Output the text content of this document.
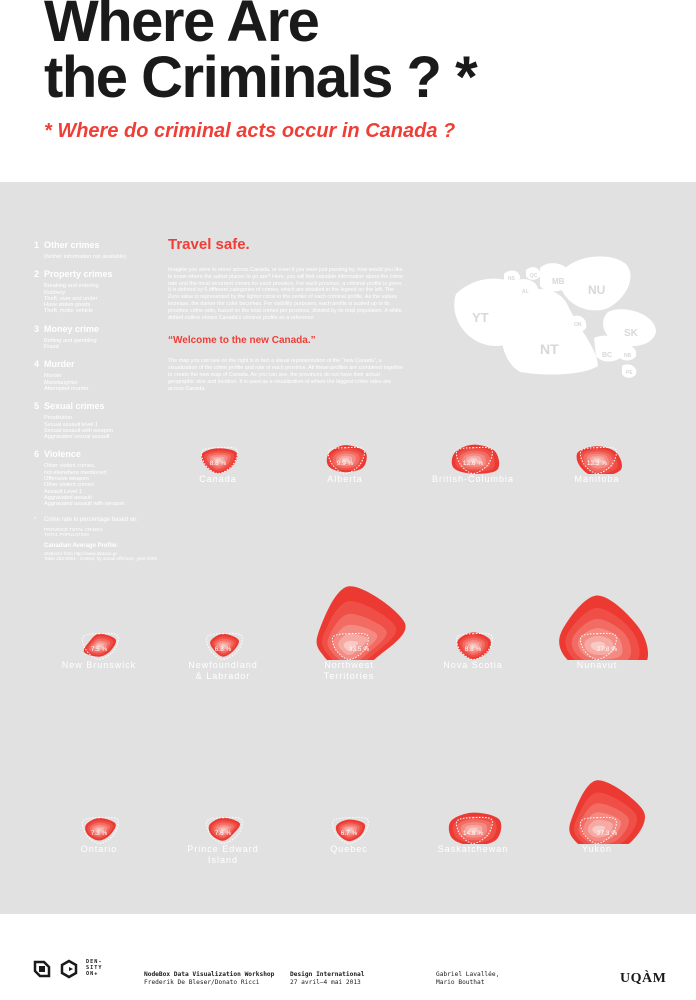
Where Are
the Criminals ? *
* Where do criminal acts occur in Canada ?
1 Other crimes
(further information not available)
2 Property crimes
Breaking and entering
Robbery
Theft, over and under
Have stolen goods
Theft, motor vehicle
3 Money crime
Betting and gambling
Fraud
4 Murder
Murder
Manslaughter
Attempted murder
5 Sexual crimes
Prostitution
Sexual assault level 1
Sexual assault with weapon
Aggravated sexual assault
6 Violence
Other violent crimes,
not elsewhere mentioned
Offensive weapon
Other violent crimes
Assault Level 1
Aggravated assault
Aggravated assault with weapon
*	Crime rate in percentage based on:
PROVINCE TOTAL CRIMES
TOTAL POPULATION
Canadian Average Profile:
Statistics from http://www.statcan.gc
Table 252-0051 - Crimes, by actual offences, year 2009
Travel safe.

Imagine you were to move across Canada, or even if you were just passing by, how would you like to know where the safest places to go are? Here, you will find valuable information about the crime rate and the most recurrent crimes for each province. For each province, a criminal profile is given. It is defined by 6 different categories of crimes, which are detailed in the legend on the left. The Zero value is represented by the lighter circle in the center of each criminal profile. As the values increase, the darker the color becomes. For visibility purposes, each profile is scaled up to its province crime ratio, based on the total crimes per province, divided by its total population. A white dotted outline shows Canada's criminal profile as a reference.

“Welcome to the new Canada.”

The map you can see on the right is in fact a visual representation of the “new Canada”, a visualization of the crime profile and rate of each province. All these profiles are combined together to create the new map of Canada. As you can see, the provinces do not have their actual geographic size and location. It is used as a visualization of where the biggest crime rates are across Canada.

YT
NT
NU
SK
MB
BC NB
AL
NS	QC
ON
PE
8.8 %
Canada
9.9 %
Alberta
12.6 %
British-Columbia
12.3 %
Manitoba
7.5 %
New Brunswick
6.8 %
Newfoundland
& Labrador
33.5 %
Northwest
Territories
8.8 %
Nova Scotia
27.8 %
Nunavut
7.3 %
Ontario
7.6 %
Prince Edward
Island
6.7 %
Quebec
14.8 %
Saskatchewan
27.3 %
Yukon
DEN-
SITY
ON+	NodeBox Data Visualization Workshop
Frederik De Bleser/Donato Ricci
Design International
27 avril–4 mai 2013
Gabriel Lavallée,
Mario Bouthat	UQÀM
